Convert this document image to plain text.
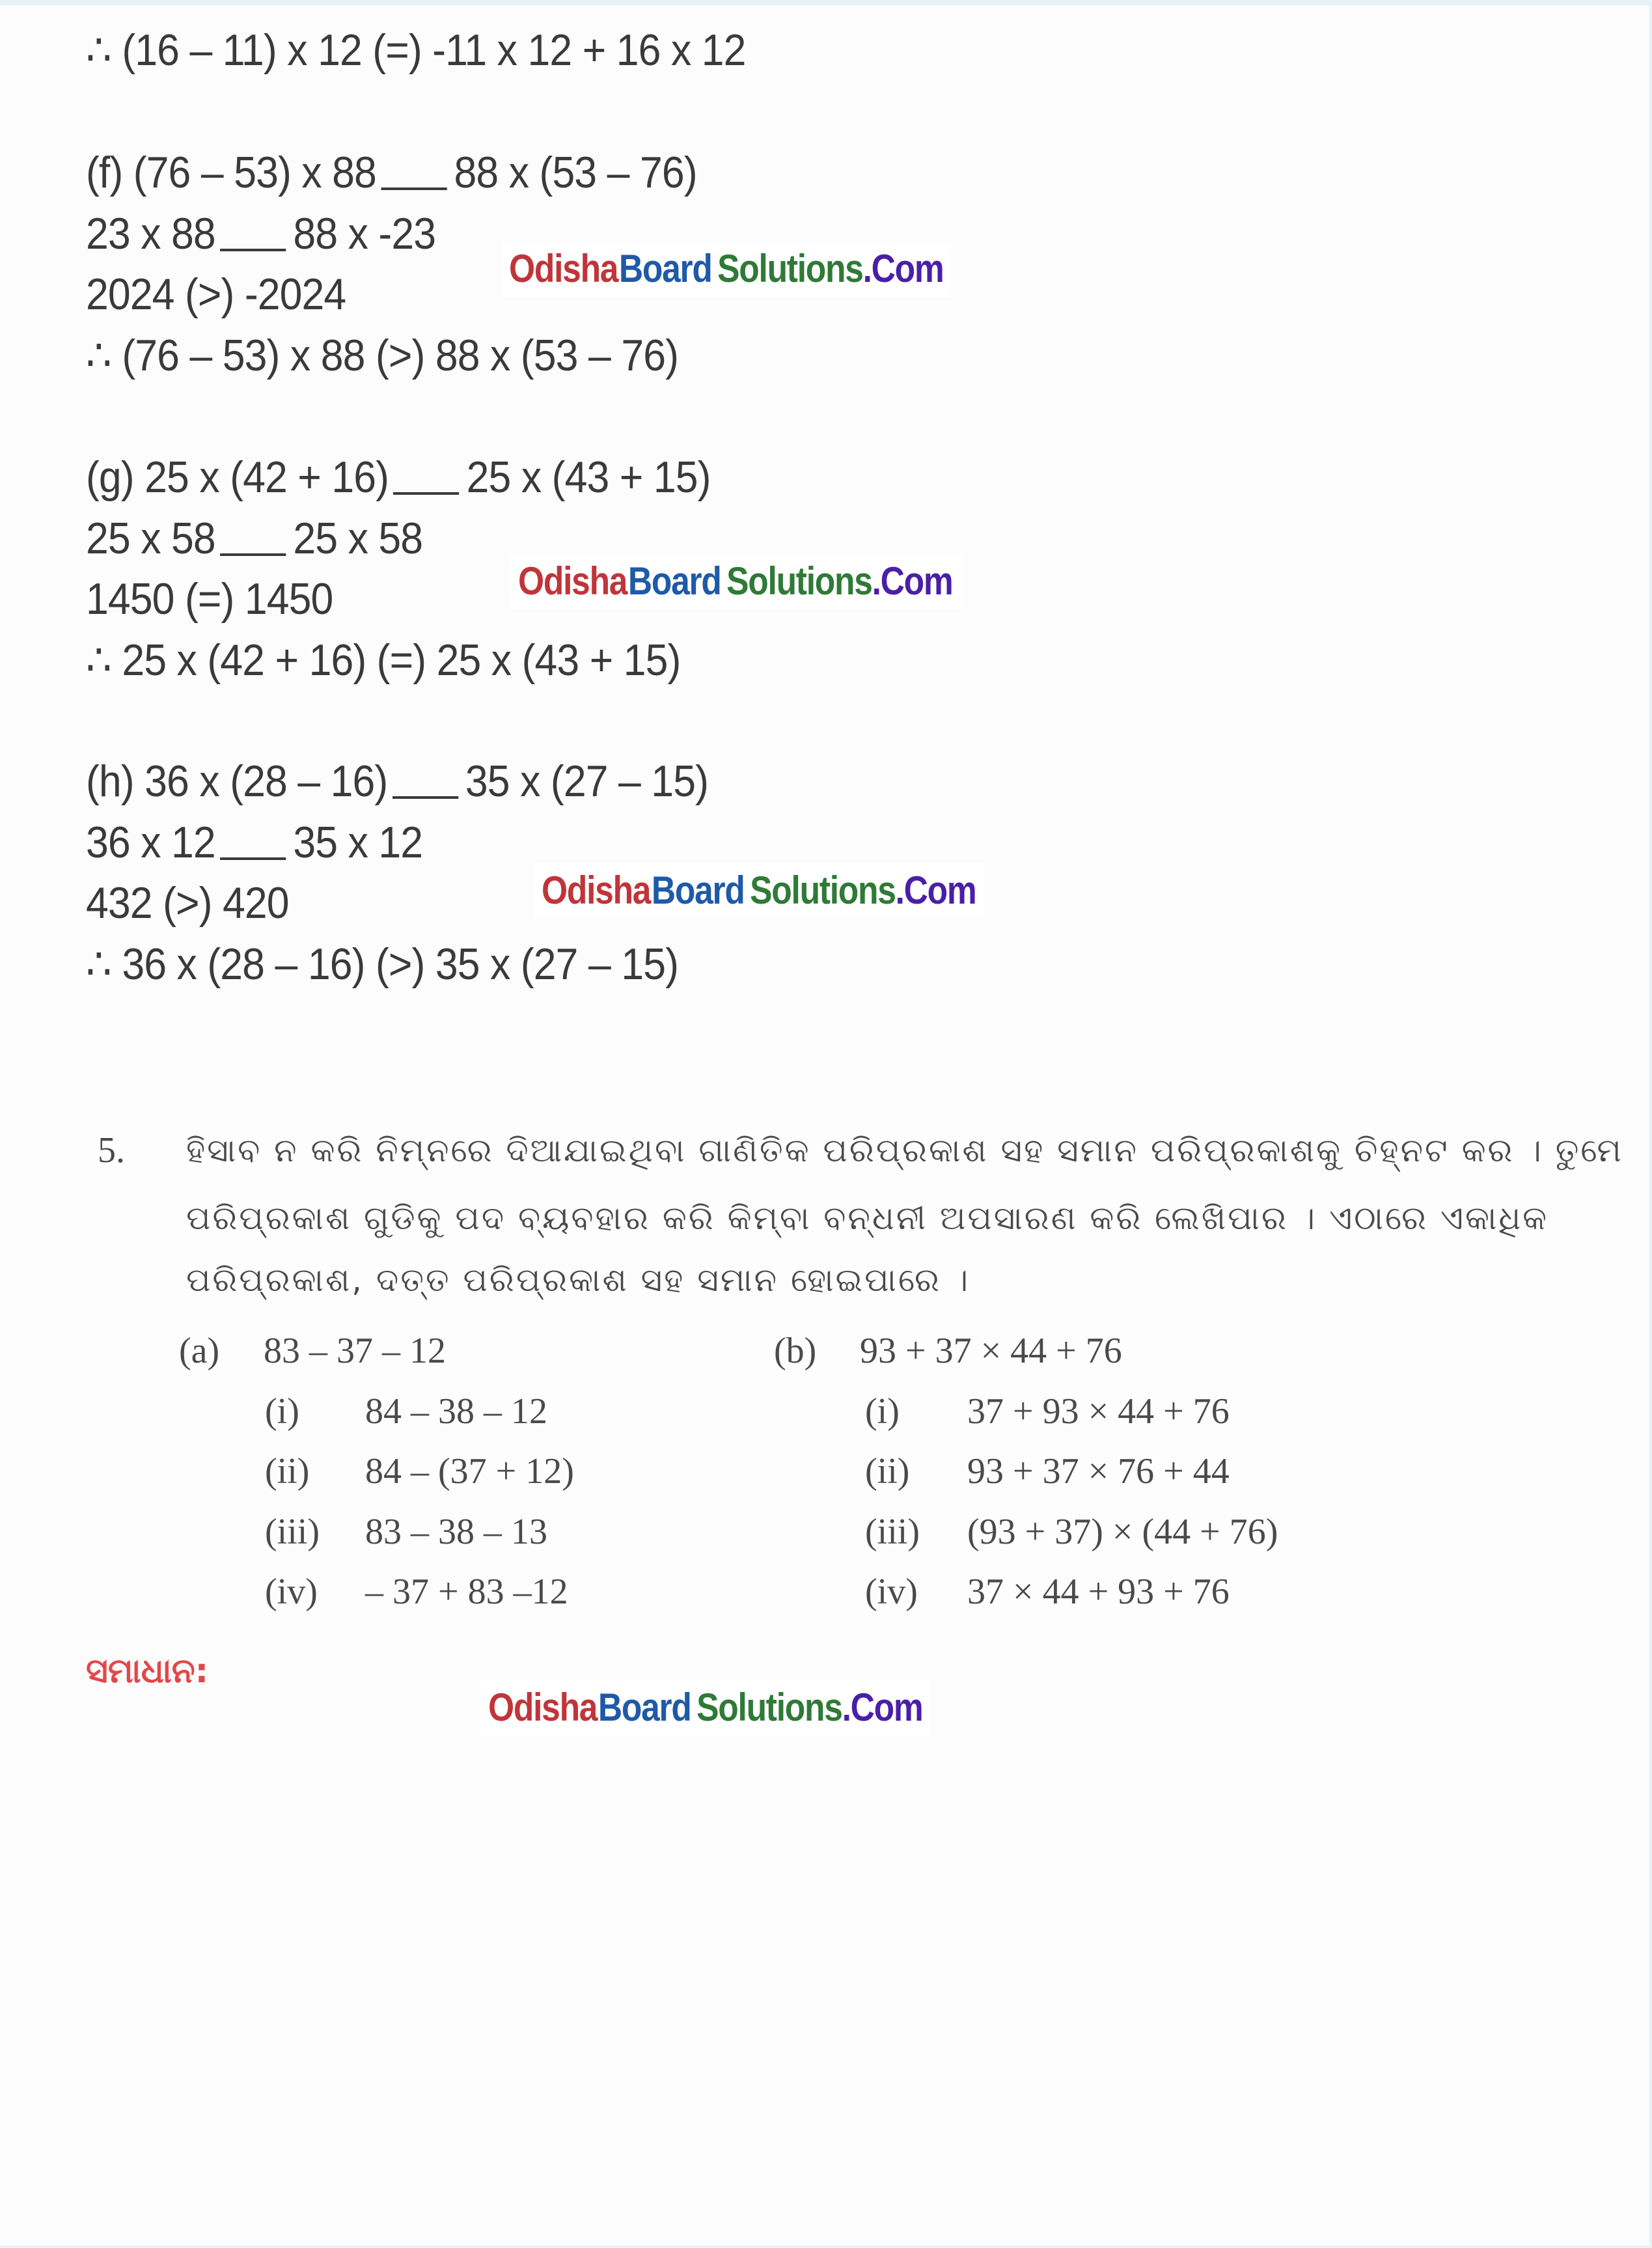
∴ (16 – 11) x 12 (=) -11 x 12 + 16 x 12
(f) (76 – 53) x 88 88 x (53 – 76)
23 x 88 88 x -23
2024 (>) -2024
∴ (76 – 53) x 88 (>) 88 x (53 – 76)
OdishaBoard Solutions.Com
(g) 25 x (42 + 16) 25 x (43 + 15)
25 x 58 25 x 58
1450 (=) 1450
∴ 25 x (42 + 16) (=) 25 x (43 + 15)
OdishaBoard Solutions.Com
(h) 36 x (28 – 16) 35 x (27 – 15)
36 x 12 35 x 12
432 (>) 420
∴ 36 x (28 – 16) (>) 35 x (27 – 15)
OdishaBoard Solutions.Com
5. ହିସାବ ନ କରି ନିମ୍ନରେ ଦିଆଯାଇଥିବା ଗାଣିତିକ ପରିପ୍ରକାଶ ସହ ସମାନ ପରିପ୍ରକାଶକୁ ଚିହ୍ନଟ କର । ତୁମେ
ପରିପ୍ରକାଶ ଗୁଡିକୁ ପଦ ବ୍ୟବହାର କରି କିମ୍ବା ବନ୍ଧନୀ ଅପସାରଣ କରି ଲେଖିପାର । ଏଠାରେ ଏକାଧିକ
ପରିପ୍ରକାଶ, ଦତ୍ତ ପରିପ୍ରକାଶ ସହ ସମାନ ହୋଇପାରେ ।
(a) 83 – 37 – 12
(i) 84 – 38 – 12
(ii) 84 – (37 + 12)
(iii) 83 – 38 – 13
(iv) – 37 + 83 –12
(b) 93 + 37 × 44 + 76
(i) 37 + 93 × 44 + 76
(ii) 93 + 37 × 76 + 44
(iii) (93 + 37) × (44 + 76)
(iv) 37 × 44 + 93 + 76
ସମାଧାନ:
OdishaBoard Solutions.Com
